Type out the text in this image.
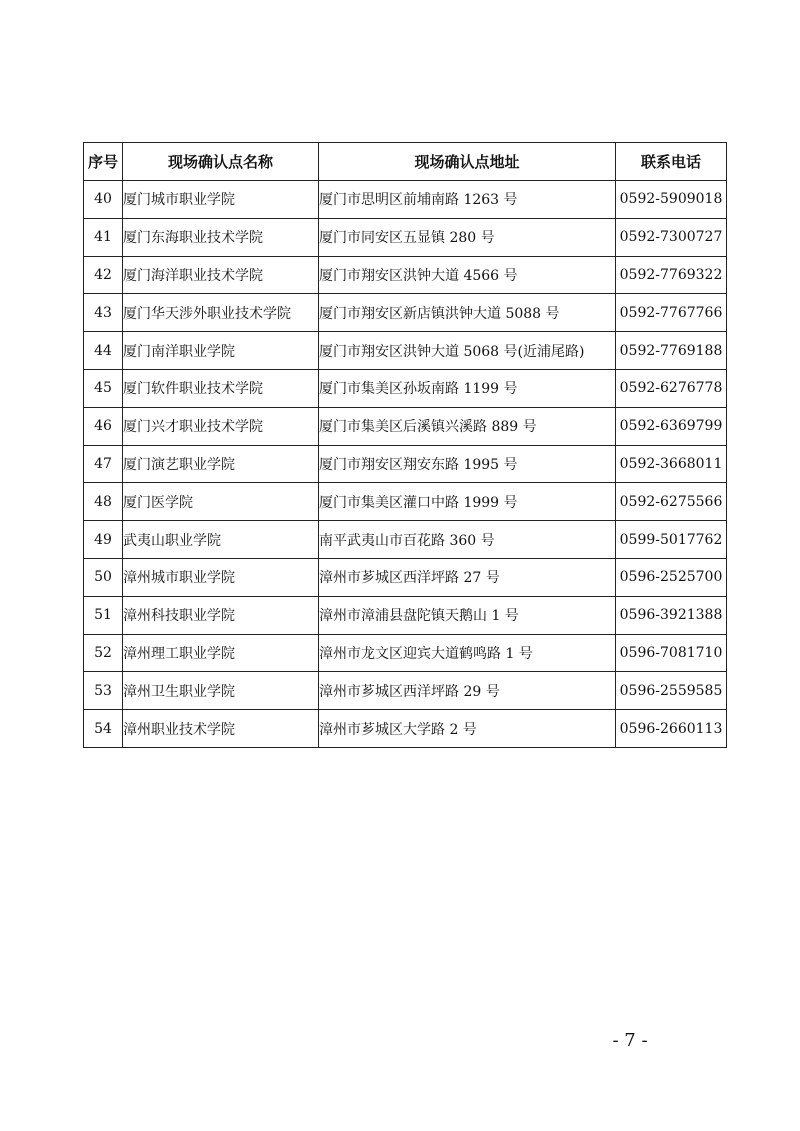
序号	现场确认点名称	现场确认点地址	联系电话
40	厦门城市职业学院	厦门市思明区前埔南路 1263 号	0592-5909018
41	厦门东海职业技术学院	厦门市同安区五显镇 280 号	0592-7300727
42	厦门海洋职业技术学院	厦门市翔安区洪钟大道 4566 号	0592-7769322
43	厦门华天涉外职业技术学院	厦门市翔安区新店镇洪钟大道 5088 号	0592-7767766
44	厦门南洋职业学院	厦门市翔安区洪钟大道 5068 号(近浦尾路)	0592-7769188
45	厦门软件职业技术学院	厦门市集美区孙坂南路 1199 号	0592-6276778
46	厦门兴才职业技术学院	厦门市集美区后溪镇兴溪路 889 号	0592-6369799
47	厦门演艺职业学院	厦门市翔安区翔安东路 1995 号	0592-3668011
48	厦门医学院	厦门市集美区灌口中路 1999 号	0592-6275566
49	武夷山职业学院	南平武夷山市百花路 360 号	0599-5017762
50	漳州城市职业学院	漳州市芗城区西洋坪路 27 号	0596-2525700
51	漳州科技职业学院	漳州市漳浦县盘陀镇天鹅山 1 号	0596-3921388
52	漳州理工职业学院	漳州市龙文区迎宾大道鹤鸣路 1 号	0596-7081710
53	漳州卫生职业学院	漳州市芗城区西洋坪路 29 号	0596-2559585
54	漳州职业技术学院	漳州市芗城区大学路 2 号	0596-2660113
- 7 -
